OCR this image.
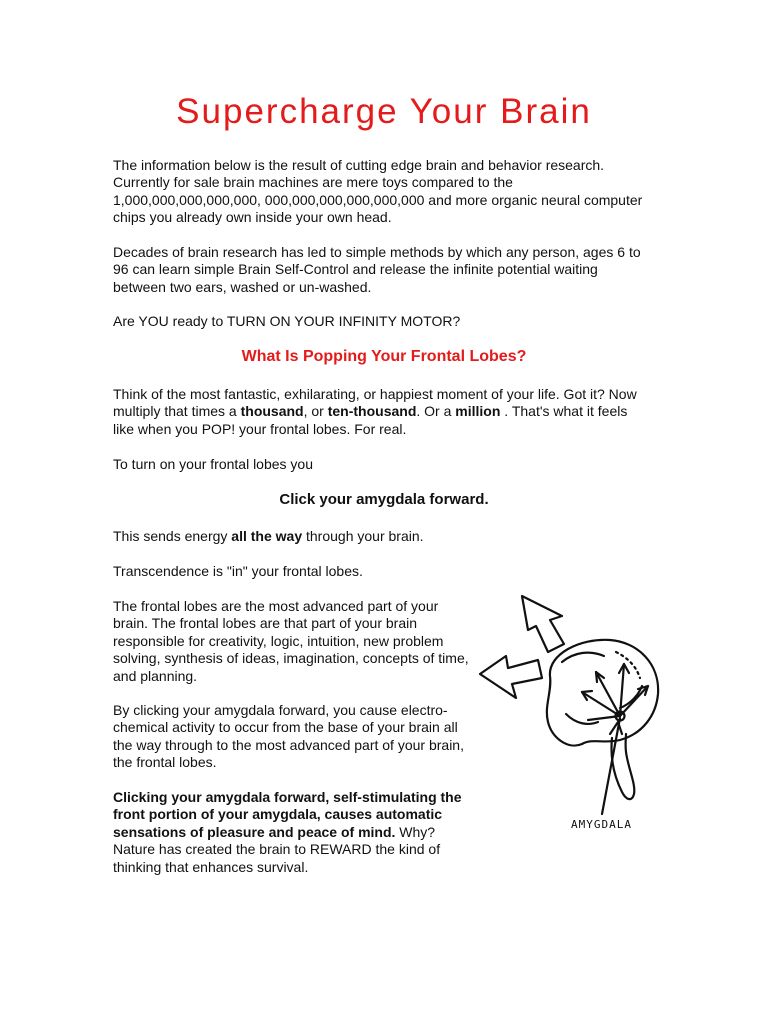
Supercharge Your Brain

The information below is the result of cutting edge brain and behavior research. Currently for sale brain machines are mere toys compared to the 1,000,000,000,000,000, 000,000,000,000,000,000 and more organic neural computer chips you already own inside your own head.

Decades of brain research has led to simple methods by which any person, ages 6 to 96 can learn simple Brain Self-Control and release the infinite potential waiting between two ears, washed or un-washed.

Are YOU ready to TURN ON YOUR INFINITY MOTOR?

What Is Popping Your Frontal Lobes?

Think of the most fantastic, exhilarating, or happiest moment of your life. Got it? Now multiply that times a thousand, or ten-thousand. Or a million . That's what it feels like when you POP! your frontal lobes. For real.

To turn on your frontal lobes you

Click your amygdala forward.

This sends energy all the way through your brain.

Transcendence is "in" your frontal lobes.

The frontal lobes are the most advanced part of your brain. The frontal lobes are that part of your brain responsible for creativity, logic, intuition, new problem solving, synthesis of ideas, imagination, concepts of time, and planning.

By clicking your amygdala forward, you cause electro-chemical activity to occur from the base of your brain all the way through to the most advanced part of your brain, the frontal lobes.

Clicking your amygdala forward, self-stimulating the front portion of your amygdala, causes automatic sensations of pleasure and peace of mind. Why? Nature has created the brain to REWARD the kind of thinking that enhances survival.

AMYGDALA
